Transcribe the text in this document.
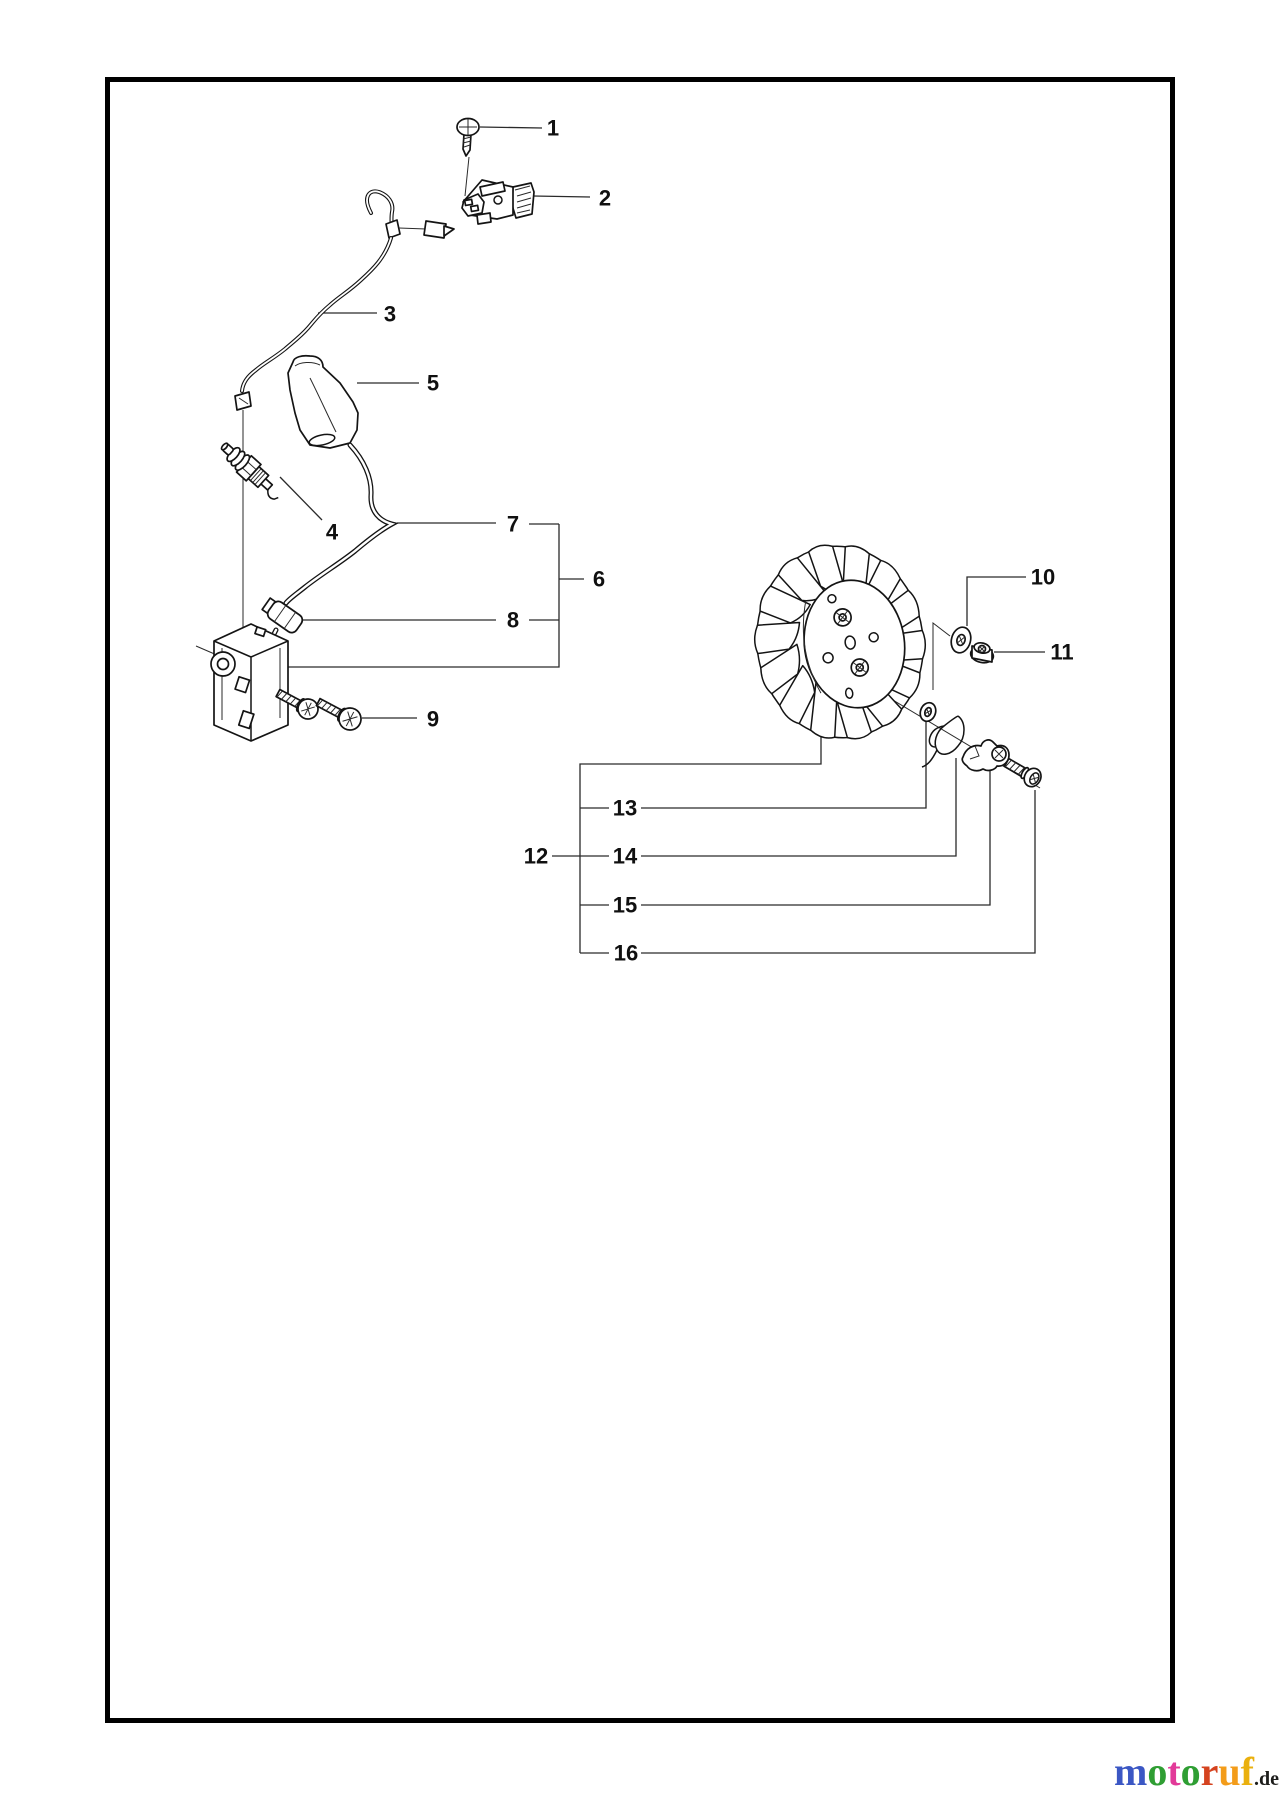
1
2
3
4
5
6
7
8
9
10
11
12
13
14
15
16
motoruf.de
